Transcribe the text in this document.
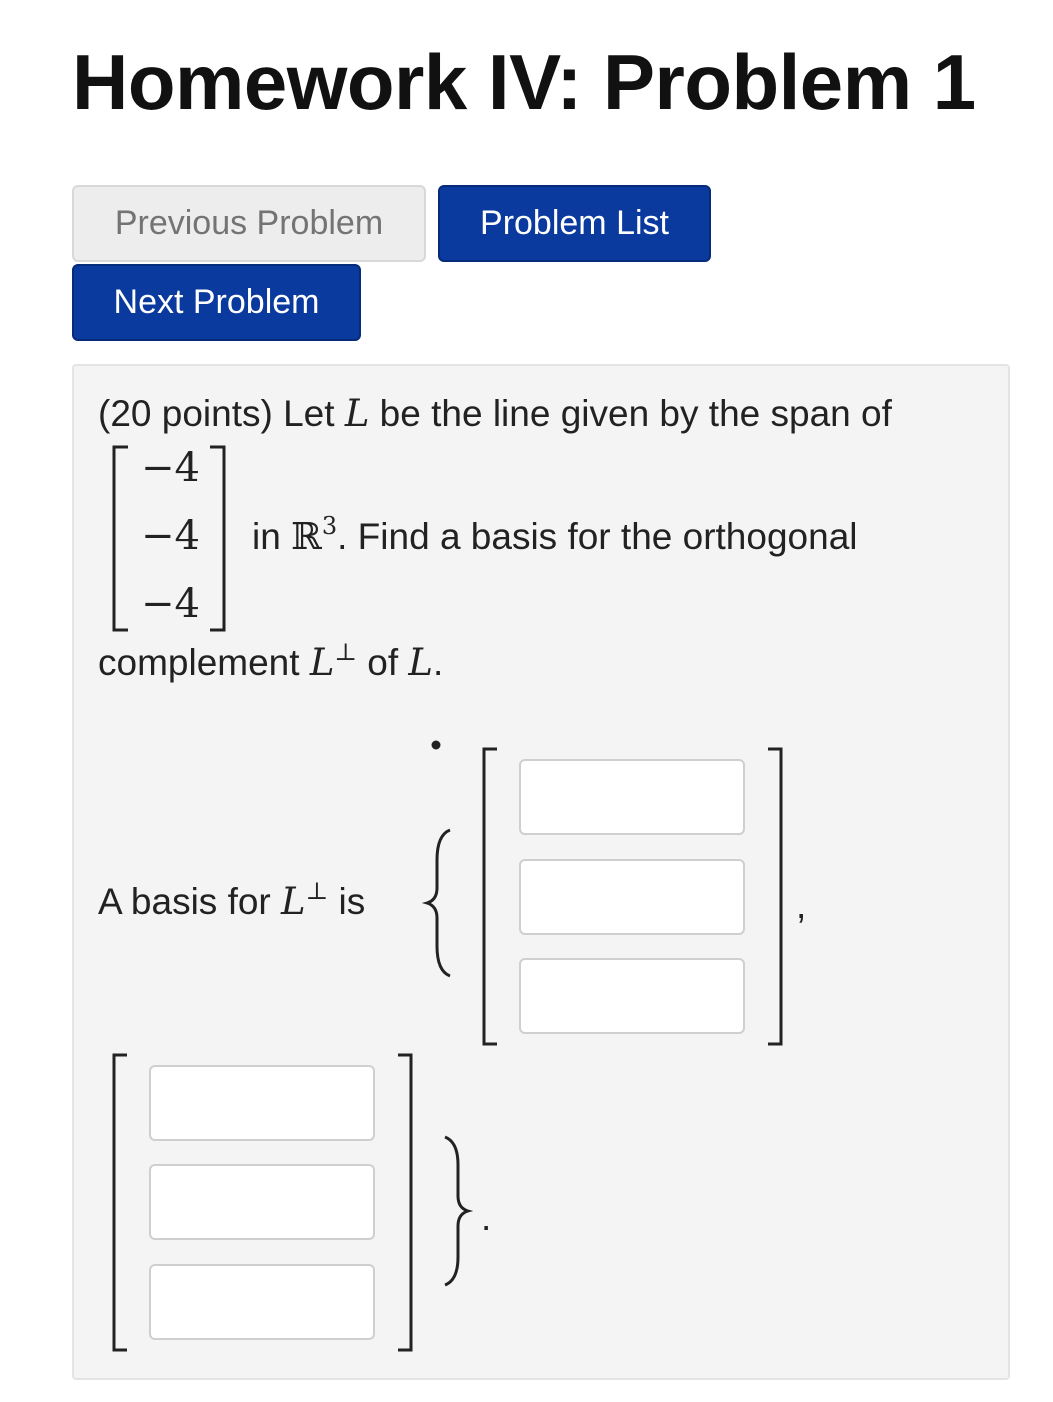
Homework IV: Problem 1
Previous Problem	Problem List
Next Problem
(20 points) Let L be the line given by the span of
−4
−4
−4
in ℝ$^3$. Find a basis for the orthogonal
complement L⊥ of L.
A basis for L⊥ is	,
.
